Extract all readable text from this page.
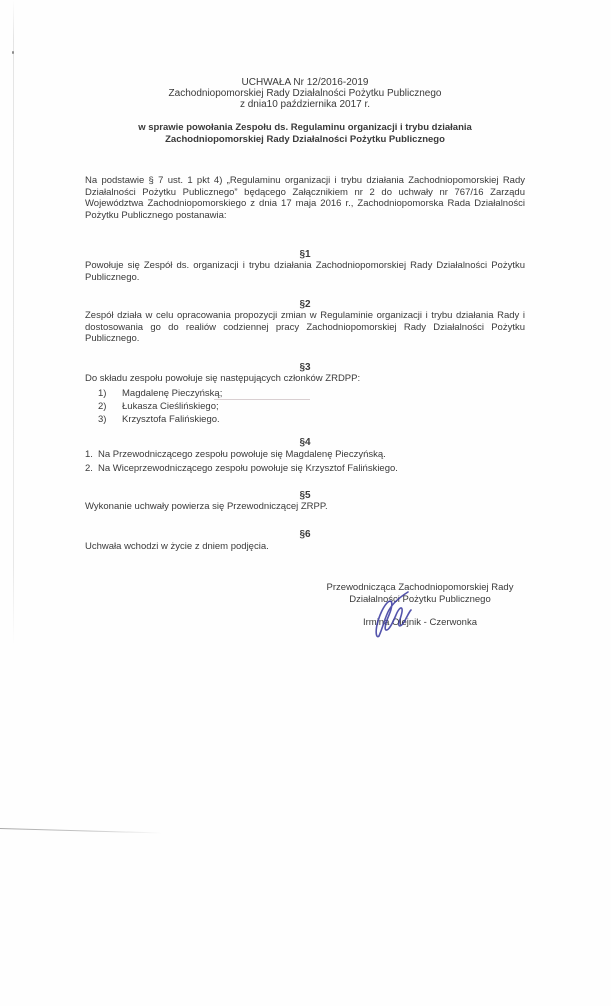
UCHWAŁA Nr 12/2016-2019
Zachodniopomorskiej Rady Działalności Pożytku Publicznego
z dnia10 października 2017 r.
w sprawie powołania Zespołu ds. Regulaminu organizacji i trybu działania
Zachodniopomorskiej Rady Działalności Pożytku Publicznego
Na podstawie § 7 ust. 1 pkt 4) „Regulaminu organizacji i trybu działania Zachodniopomorskiej Rady Działalności Pożytku Publicznego” będącego Załącznikiem nr 2 do uchwały nr 767/16 Zarządu Województwa Zachodniopomorskiego z dnia 17 maja 2016 r., Zachodniopomorska Rada Działalności Pożytku Publicznego postanawia:
§1
Powołuje się Zespół ds. organizacji i trybu działania Zachodniopomorskiej Rady Działalności Pożytku Publicznego.
§2
Zespół działa w celu opracowania propozycji zmian w Regulaminie organizacji i trybu działania Rady i dostosowania go do realiów codziennej pracy Zachodniopomorskiej Rady Działalności Pożytku Publicznego.
§3
Do składu zespołu powołuje się następujących członków ZRDPP:
1)	Magdalenę Pieczyńską;
2)	Łukasza Cieślińskiego;
3)	Krzysztofa Falińskiego.
§4
1. Na Przewodniczącego zespołu powołuje się Magdalenę Pieczyńską.
2. Na Wiceprzewodniczącego zespołu powołuje się Krzysztof Falińskiego.
§5
Wykonanie uchwały powierza się Przewodniczącej ZRPP.
§6
Uchwała wchodzi w życie z dniem podjęcia.
Przewodnicząca Zachodniopomorskiej Rady
Działalności Pożytku Publicznego
Irmina Olejnik - Czerwonka
